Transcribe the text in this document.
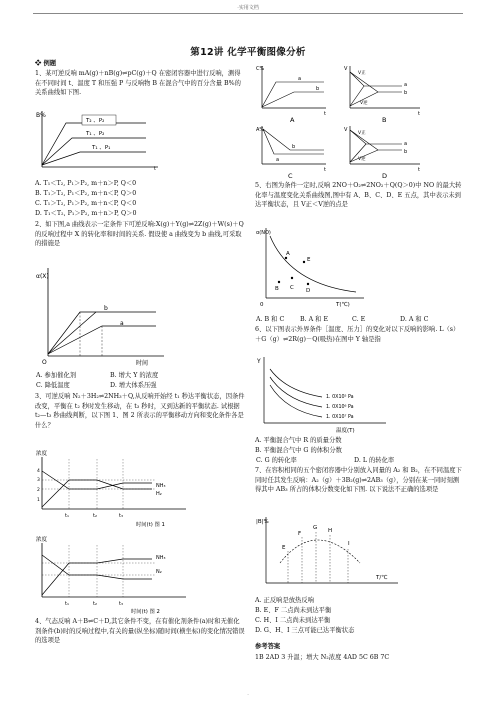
·实用文档
第12讲 化学平衡图像分析
❖ 例题
1、某可逆反响 mA(g)＋nB(g)⇌pC(g)＋Q 在密闭容器中进行反响，测得在不同时间 t、温度 T 和压强 P 与反响物 B 在混合气中的百分含量 B%的关系曲线如下图.
B%
t
T₂ 、P₂
T₁ 、P₂
T₁ 、P₁
A. T₁＜T₂, P₁＞P₂, m＋n＞P, Q＜0
B. T₁＞T₂, P₁＜P₂, m＋n＜P, Q＞0
C. T₁＞T₂, P₁＞P₂, m＋n＜P, Q＜0
D. T₁＜T₂, P₁＞P₂, m＋n＞P, Q＞0
2、如下图,a 曲线表示一定条件下可逆反响:X(g)＋Y(g)⇌2Z(g)＋W(s)＋Q 的反响过程中 X 的转化率和时间的关系. 假设使 a 曲线变为 b 曲线,可采取的措施是
α(X)
O	时间
b
a
A. 参加催化剂	B. 增大 Y 的浓度
C. 降低温度	D. 增大体系压强
3、可逆反响 N₂＋3H₂⇌2NH₃＋Q,从反响开始经 t₁ 秒达平衡状态，因条件改变，平衡在 t₂ 秒时发生移动，在 t₃ 秒时，又到达新的平衡状态. 试根据 t₂—t₃ 秒曲线判断，以下图 1、图 2 所表示的平衡移动方向和变化条件各是什么？
浓度
4
3
2
1
NH₃
H₂
t₁	t₂	t₃
时间(t) 图 1
浓度
NH₃
N₂
t₁	t₂	t₃
时间(t) 图 2
4、气态反响 A＋B⇌C＋D,其它条件不变，在有催化剂条件(a)时和无催化剂条件(b)时的反响过程中,有关的量(纵坐标)随时间(横坐标)的变化情况错误的选项是
C%
t
a
b
A
V
t
V正
a
b
V逆
B
A%
t
a
b
C
V
t
V正
a
V逆
b
D
5、右图为条件一定时,反响 2NO＋O₂⇌2NO₂＋Q(Q＞0)中 NO 的最大转化率与温度变化关系曲线图,图中有 A、B、C、D、E 五点，其中表示未到达平衡状态，且 V正＜V逆的点是
α(NO)
0	T(℃)
A
E
B C D
A. B 和 C B. A 和 E	C. E	D. A 和 C
6、以下图表示外界条件［温度、压力］的变化对以下反响的影响. L（s）＋G（g）⇌2R(g)－Q(吸热)在图中 Y 轴是指
Y
温度(T)
1. 0X10⁵ Pa
1. 0X10⁶ Pa
1. 0X10⁷ Pa
A. 平衡混合气中 R 的质量分数
B. 平衡混合气中 G 的体积分数
C. G 的转化率	D. L 的转化率
7、在容积相同的五个密闭容器中分别放入同量的 A₂ 和 B₂，在不同温度下同时任其发生反响：A₂（g）＋3B₂(g)⇌2AB₃（g），分别在某一同时刻测得其中 AB₃ 所占的体积分数变化如下图. 以下说法不正确的选项是
|B|%
T/℃
E
F
G H
I
A. 正反响是放热反响
B. E、F 二点尚未到达平衡
C. H、I 二点尚未到达平衡
D. G、H、I 三点可能已达平衡状态
参考答案
1B 2AD 3 升温；增大 N₂浓度 4AD 5C 6B 7C
·
